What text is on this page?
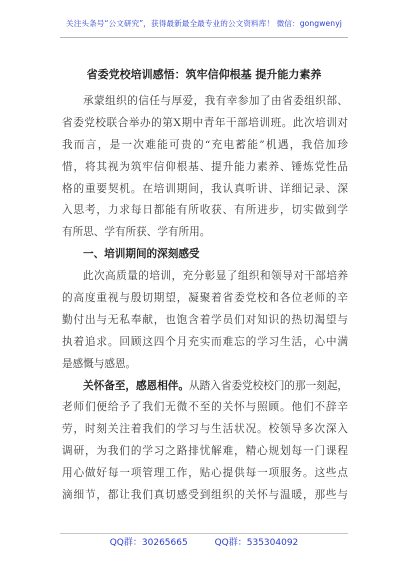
关注头条号“公文研究”，获得最新最全最专业的公文资料库！ 微信：gongwenyj
省委党校培训感悟：筑牢信仰根基 提升能力素养
承蒙组织的信任与厚爱，我有幸参加了由省委组织部、
省委党校联合举办的第X期中青年干部培训班。此次培训对
我而言，是一次难能可贵的“充电蓄能”机遇，我倍加珍
惜，将其视为筑牢信仰根基、提升能力素养、锤炼党性品
格的重要契机。在培训期间，我认真听讲、详细记录、深
入思考，力求每日都能有所收获、有所进步，切实做到学
有所思、学有所获、学有所用。
一、培训期间的深刻感受
此次高质量的培训，充分彰显了组织和领导对干部培养
的高度重视与殷切期望，凝聚着省委党校和各位老师的辛
勤付出与无私奉献，也饱含着学员们对知识的热切渴望与
执着追求。回顾这四个月充实而难忘的学习生活，心中满
是感慨与感恩。
关怀备至，感恩相伴。从踏入省委党校校门的那一刻起，
老师们便给予了我们无微不至的关怀与照顾。他们不辞辛
劳，时刻关注着我们的学习与生活状况。校领导多次深入
调研，为我们的学习之路排忧解难，精心规划每一门课程
用心做好每一项管理工作，贴心提供每一项服务。这些点
滴细节，都让我们真切感受到组织的关怀与温暖，那些与
QQ群：30265665	QQ群：535304092
